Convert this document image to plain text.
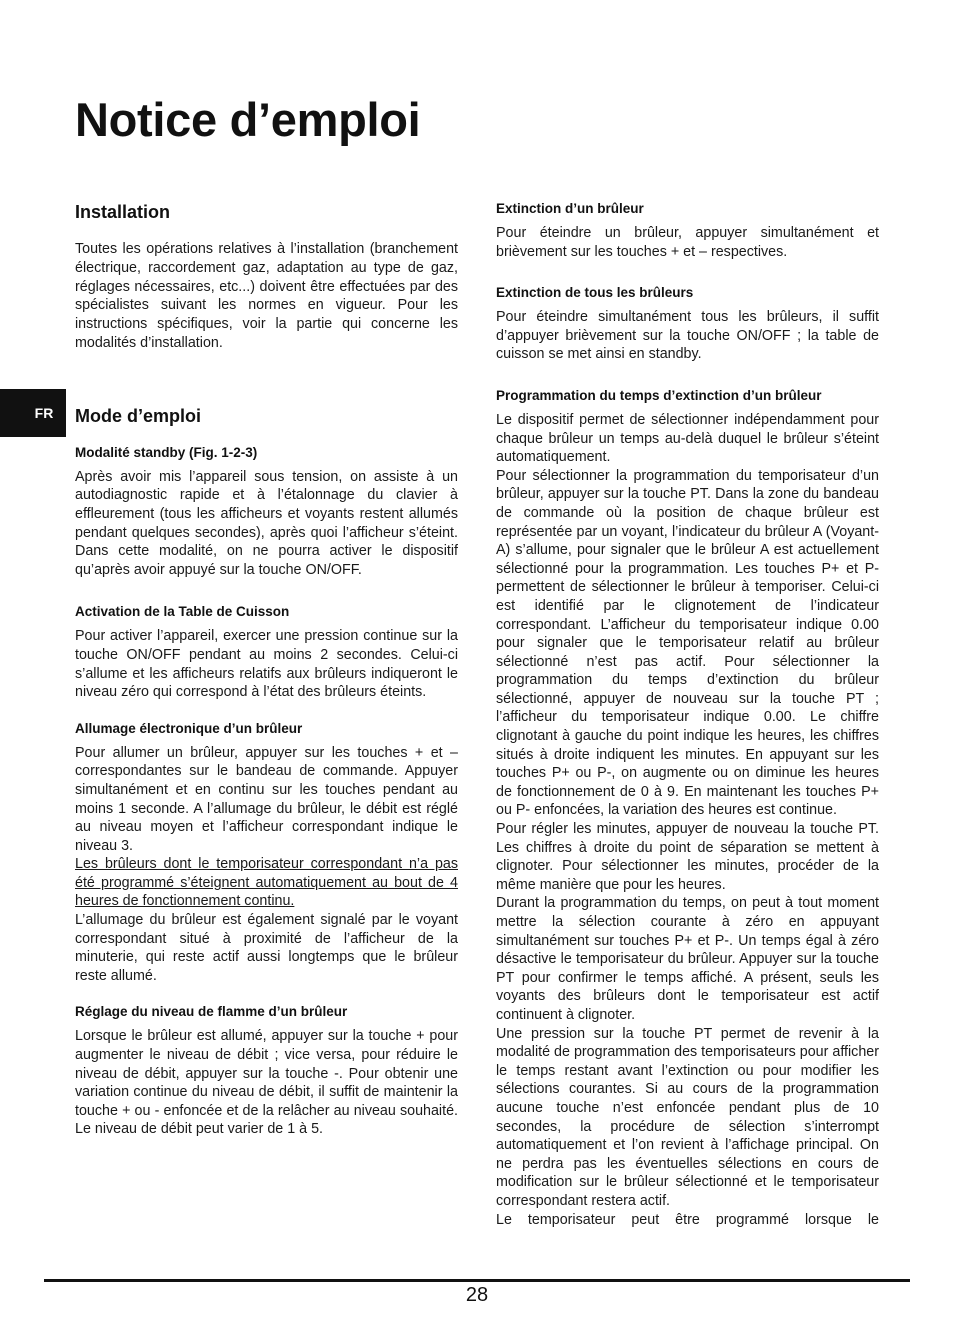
Notice d’emploi
FR
Installation

Toutes les opérations relatives à l’installation (branchement électrique, raccordement gaz, adaptation au type de gaz, réglages nécessaires, etc...) doivent être effectuées par des spécialistes suivant les normes en vigueur. Pour les instructions spécifiques, voir la partie qui concerne les modalités d’installation.

Mode d’emploi
Modalité standby (Fig. 1-2-3)

Après avoir mis l’appareil sous tension, on assiste à un autodiagnostic rapide et à l’étalonnage du clavier à effleurement (tous les afficheurs et voyants restent allumés pendant quelques secondes), après quoi l’afficheur s’éteint. Dans cette modalité, on ne pourra activer le dispositif qu’après avoir appuyé sur la touche ON/OFF.

Activation de la Table de Cuisson

Pour activer l’appareil, exercer une pression continue sur la touche ON/OFF pendant au moins 2 secondes. Celui-ci s’allume et les afficheurs relatifs aux brûleurs indiqueront le niveau zéro qui correspond à l’état des brûleurs éteints.

Allumage électronique d’un brûleur

Pour allumer un brûleur, appuyer sur les touches + et – correspondantes sur le bandeau de commande. Appuyer simultanément et en continu sur les touches pendant au moins 1 seconde. A l’allumage du brûleur, le débit est réglé au niveau moyen et l’afficheur correspondant indique le niveau 3.

Les brûleurs dont le temporisateur correspondant n’a pas été programmé s’éteignent automatiquement au bout de 4 heures de fonctionnement continu.

L’allumage du brûleur est également signalé par le voyant correspondant situé à proximité de l’afficheur de la minuterie, qui reste actif aussi longtemps que le brûleur reste allumé.

Réglage du niveau de flamme d’un brûleur

Lorsque le brûleur est allumé, appuyer sur la touche + pour augmenter le niveau de débit ; vice versa, pour réduire le niveau de débit, appuyer sur la touche -. Pour obtenir une variation continue du niveau de débit, il suffit de maintenir la touche + ou - enfoncée et de la relâcher au niveau souhaité. Le niveau de débit peut varier de 1 à 5.

Extinction d’un brûleur

Pour éteindre un brûleur, appuyer simultanément et brièvement sur les touches + et – respectives.

Extinction de tous les brûleurs

Pour éteindre simultanément tous les brûleurs, il suffit d’appuyer brièvement sur la touche ON/OFF ; la table de cuisson se met ainsi en standby.

Programmation du temps d’extinction d’un brûleur

Le dispositif permet de sélectionner indépendamment pour chaque brûleur un temps au-delà duquel le brûleur s’éteint automatiquement.

Pour sélectionner la programmation du temporisateur d’un brûleur, appuyer sur la touche PT. Dans la zone du bandeau de commande où la position de chaque brûleur est représentée par un voyant, l’indicateur du brûleur A (Voyant-A) s’allume, pour signaler que le brûleur A est actuellement sélectionné pour la programmation. Les touches P+ et P- permettent de sélectionner le brûleur à temporiser. Celui-ci est identifié par le clignotement de l’indicateur correspondant. L’afficheur du temporisateur indique 0.00 pour signaler que le temporisateur relatif au brûleur sélectionné n’est pas actif. Pour sélectionner la programmation du temps d’extinction du brûleur sélectionné, appuyer de nouveau sur la touche PT ; l’afficheur du temporisateur indique 0.00. Le chiffre clignotant à gauche du point indique les heures, les chiffres situés à droite indiquent les minutes. En appuyant sur les touches P+ ou P-, on augmente ou on diminue les heures de fonctionnement de 0 à 9. En maintenant les touches P+ ou P- enfoncées, la variation des heures est continue.

Pour régler les minutes, appuyer de nouveau la touche PT. Les chiffres à droite du point de séparation se mettent à clignoter. Pour sélectionner les minutes, procéder de la même manière que pour les heures.

Durant la programmation du temps, on peut à tout moment mettre la sélection courante à zéro en appuyant simultanément sur touches P+ et P-. Un temps égal à zéro désactive le temporisateur du brûleur. Appuyer sur la touche PT pour confirmer le temps affiché. A présent, seuls les voyants des brûleurs dont le temporisateur est actif continuent à clignoter.

Une pression sur la touche PT permet de revenir à la modalité de programmation des temporisateurs pour afficher le temps restant avant l’extinction ou pour modifier les sélections courantes. Si au cours de la programmation aucune touche n’est enfoncée pendant plus de 10 secondes, la procédure de sélection s’interrompt automatiquement et l’on revient à l’affichage principal. On ne perdra pas les éventuelles sélections en cours de modification sur le brûleur sélectionné et le temporisateur correspondant restera actif.

Le temporisateur peut être programmé lorsque le

28
